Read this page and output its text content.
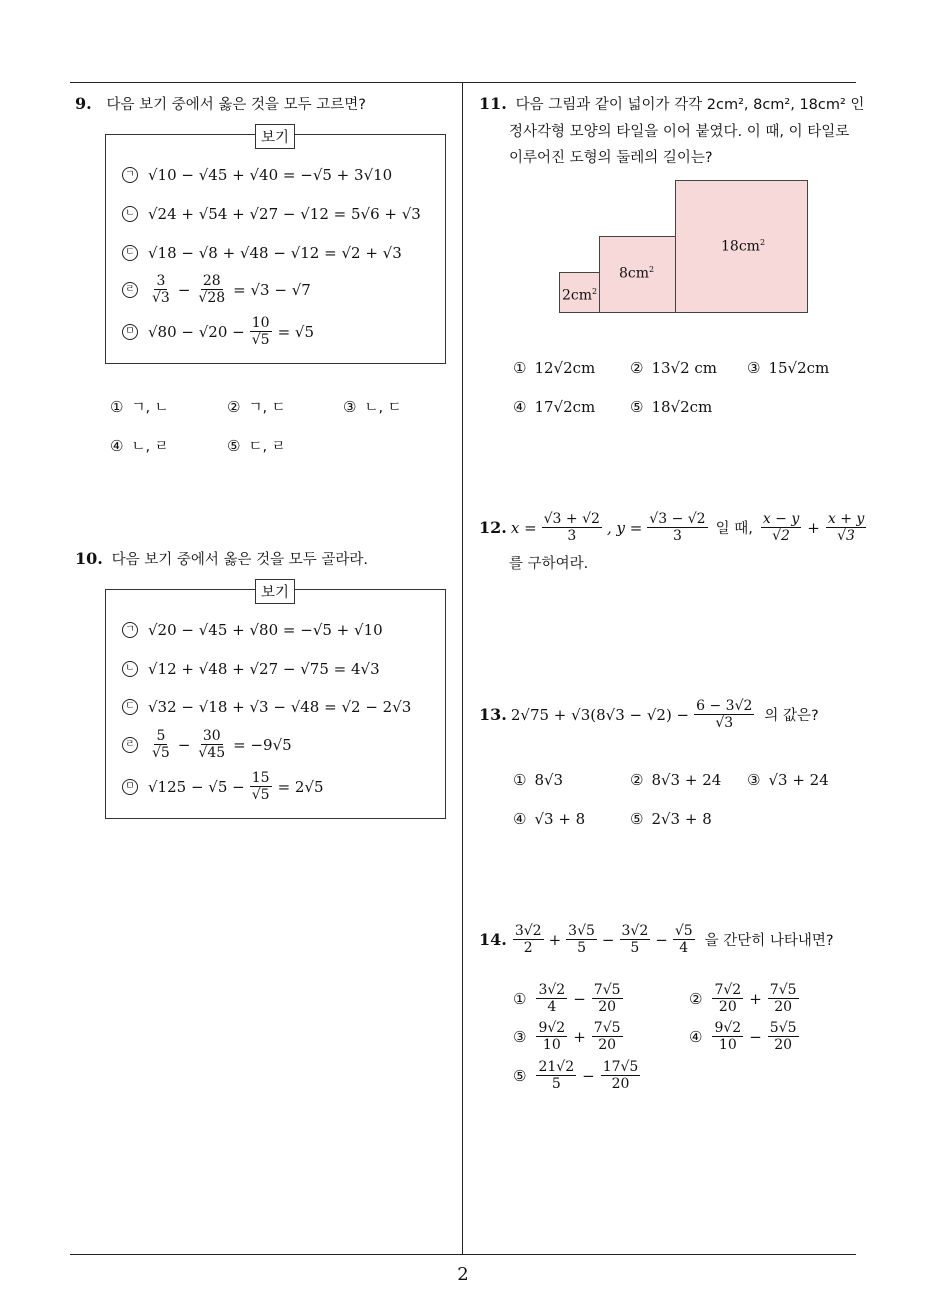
2
9. 다음 보기 중에서 옳은 것을 모두 고르면?
보기
ㄱ √10 − √45 + √40 = −√5 + 3√10
ㄴ √24 + √54 + √27 − √12 = 5√6 + √3
ㄷ √18 − √8 + √48 − √12 = √2 + √3
ㄹ $\frac{3}{√3} - \frac{28}{√28} = √3 - √7$
ㅁ $√80 - √20 - \frac{10}{√5} = √5$
① ㄱ, ㄴ	② ㄱ, ㄷ	③ ㄴ, ㄷ
④ ㄴ, ㄹ	⑤ ㄷ, ㄹ
10. 다음 보기 중에서 옳은 것을 모두 골라라.
보기
ㄱ √20 − √45 + √80 = −√5 + √10
ㄴ √12 + √48 + √27 − √75 = 4√3
ㄷ √32 − √18 + √3 − √48 = √2 − 2√3
ㄹ $\frac{5}{√5} - \frac{30}{√45} = -9√5$
ㅁ $√125 - √5 - \frac{15}{√5} = 2√5$
11. 다음 그림과 같이 넓이가 각각 2cm², 8cm², 18cm² 인
정사각형 모양의 타일을 이어 붙였다. 이 때, 이 타일로
이루어진 도형의 둘레의 길이는?
$2cm^2$
$8cm^2$
$18cm^2$
① 12√2cm ② 13√2 cm ③ 15√2cm
④ 17√2cm ⑤ 18√2cm
12. $x = \frac{√3 + √2}{3}$ , $y = \frac{√3 - √2}{3}$ 일 때, $\frac{x - y}{√2} + \frac{x + y}{√3}$
를 구하여라.
13. $2√75 + √3(8√3 - √2) - \frac{6 - 3√2}{√3}$ 의 값은?
① 8√3	② 8√3 + 24 ③ √3 + 24
④ √3 + 8	⑤ 2√3 + 8
14. $\frac{3√2}{2} + \frac{3√5}{5} - \frac{3√2}{5} - \frac{√5}{4}$ 을 간단히 나타내면?
① $\frac{3√2}{4} - \frac{7√5}{20}$	② $\frac{7√2}{20} + \frac{7√5}{20}$
③ $\frac{9√2}{10} + \frac{7√5}{20}$	④ $\frac{9√2}{10} - \frac{5√5}{20}$
⑤ $\frac{21√2}{5} - \frac{17√5}{20}$
